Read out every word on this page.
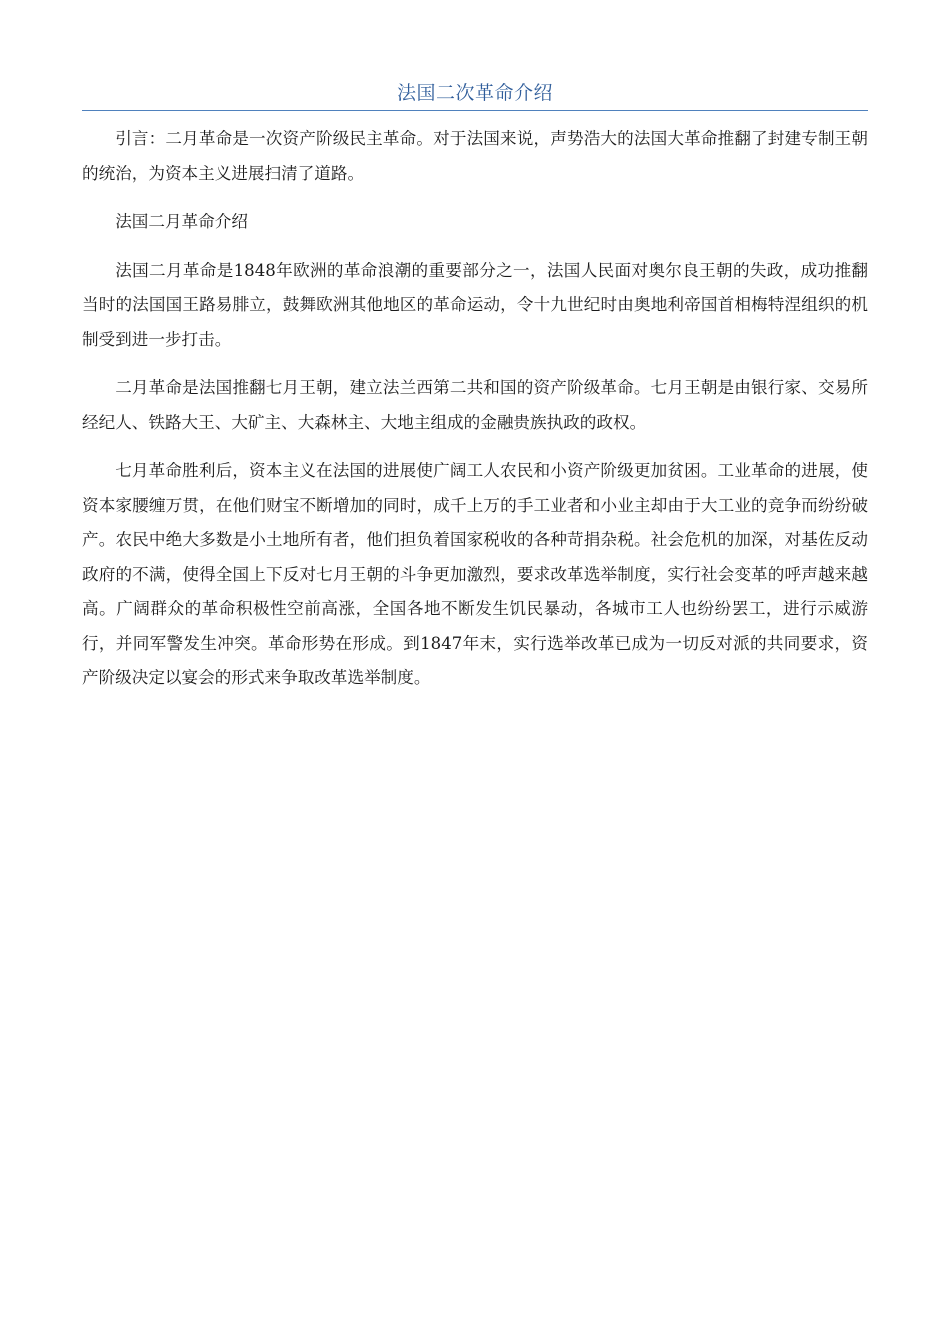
法国二次革命介绍

引言：二月革命是一次资产阶级民主革命。对于法国来说，声势浩大的法国大革命推翻了封建专制王朝的统治，为资本主义进展扫清了道路。

法国二月革命介绍

法国二月革命是1848年欧洲的革命浪潮的重要部分之一，法国人民面对奥尔良王朝的失政，成功推翻当时的法国国王路易腓立，鼓舞欧洲其他地区的革命运动，令十九世纪时由奥地利帝国首相梅特涅组织的机制受到进一步打击。

二月革命是法国推翻七月王朝，建立法兰西第二共和国的资产阶级革命。七月王朝是由银行家、交易所经纪人、铁路大王、大矿主、大森林主、大地主组成的金融贵族执政的政权。

七月革命胜利后，资本主义在法国的进展使广阔工人农民和小资产阶级更加贫困。工业革命的进展，使资本家腰缠万贯，在他们财宝不断增加的同时，成千上万的手工业者和小业主却由于大工业的竞争而纷纷破产。农民中绝大多数是小土地所有者，他们担负着国家税收的各种苛捐杂税。社会危机的加深，对基佐反动政府的不满，使得全国上下反对七月王朝的斗争更加激烈，要求改革选举制度，实行社会变革的呼声越来越高。广阔群众的革命积极性空前高涨，全国各地不断发生饥民暴动，各城市工人也纷纷罢工，进行示威游行，并同军警发生冲突。革命形势在形成。到1847年末，实行选举改革已成为一切反对派的共同要求，资产阶级决定以宴会的形式来争取改革选举制度。
